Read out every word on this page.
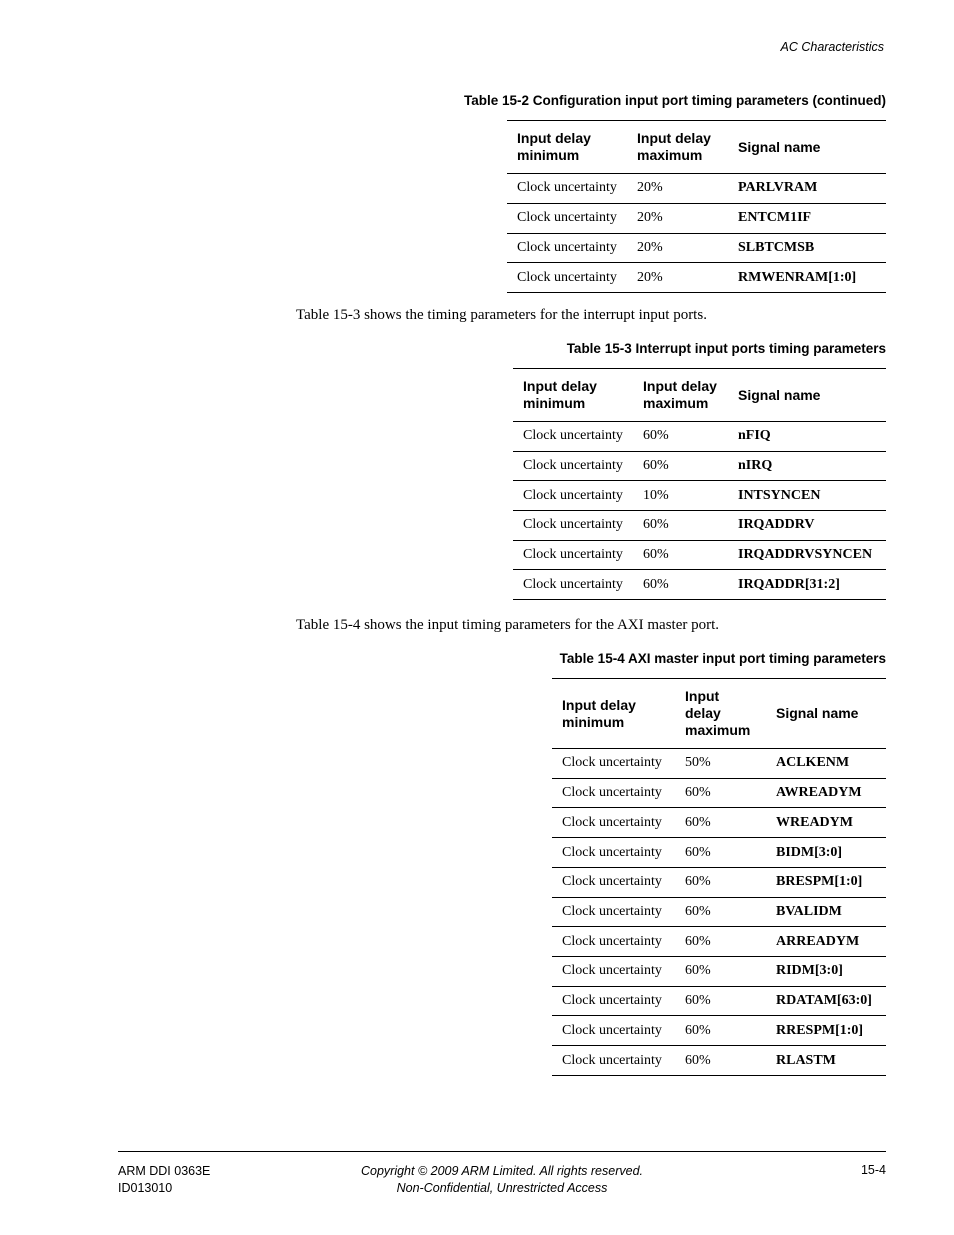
AC Characteristics
Table 15-2 Configuration input port timing parameters (continued)
Input delay minimum	Input delay maximum	Signal name
Clock uncertainty	20%	PARLVRAM
Clock uncertainty	20%	ENTCM1IF
Clock uncertainty	20%	SLBTCMSB
Clock uncertainty	20%	RMWENRAM[1:0]
Table 15-3 shows the timing parameters for the interrupt input ports.
Table 15-3 Interrupt input ports timing parameters
Input delay minimum	Input delay maximum	Signal name
Clock uncertainty	60%	nFIQ
Clock uncertainty	60%	nIRQ
Clock uncertainty	10%	INTSYNCEN
Clock uncertainty	60%	IRQADDRV
Clock uncertainty	60%	IRQADDRVSYNCEN
Clock uncertainty	60%	IRQADDR[31:2]
Table 15-4 shows the input timing parameters for the AXI master port.
Table 15-4 AXI master input port timing parameters
Input delay minimum	Input delay maximum	Signal name
Clock uncertainty	50%	ACLKENM
Clock uncertainty	60%	AWREADYM
Clock uncertainty	60%	WREADYM
Clock uncertainty	60%	BIDM[3:0]
Clock uncertainty	60%	BRESPM[1:0]
Clock uncertainty	60%	BVALIDM
Clock uncertainty	60%	ARREADYM
Clock uncertainty	60%	RIDM[3:0]
Clock uncertainty	60%	RDATAM[63:0]
Clock uncertainty	60%	RRESPM[1:0]
Clock uncertainty	60%	RLASTM
ARM DDI 0363E
ID013010
Copyright © 2009 ARM Limited. All rights reserved.
Non-Confidential, Unrestricted Access
15-4
